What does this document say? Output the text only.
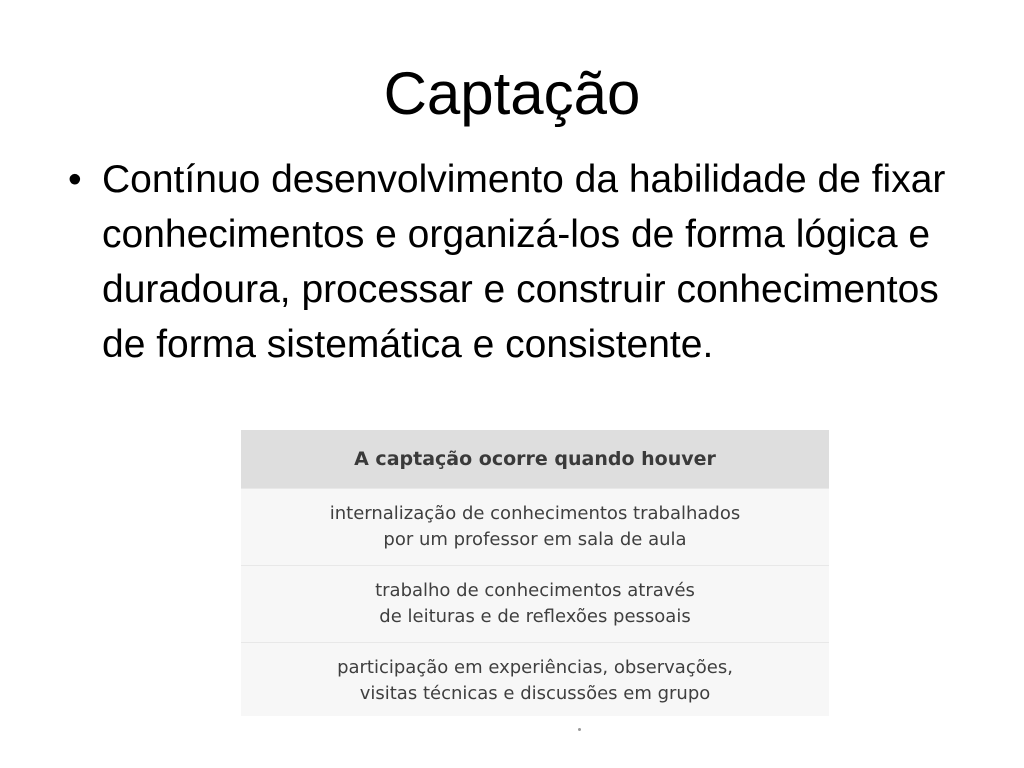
Captação
• Contínuo desenvolvimento da habilidade de fixar conhecimentos e organizá-los de forma lógica e duradoura, processar e construir conhecimentos de forma sistemática e consistente.
A captação ocorre quando houver
internalização de conhecimentos trabalhados
por um professor em sala de aula
trabalho de conhecimentos através
de leituras e de reflexões pessoais
participação em experiências, observações,
visitas técnicas e discussões em grupo
